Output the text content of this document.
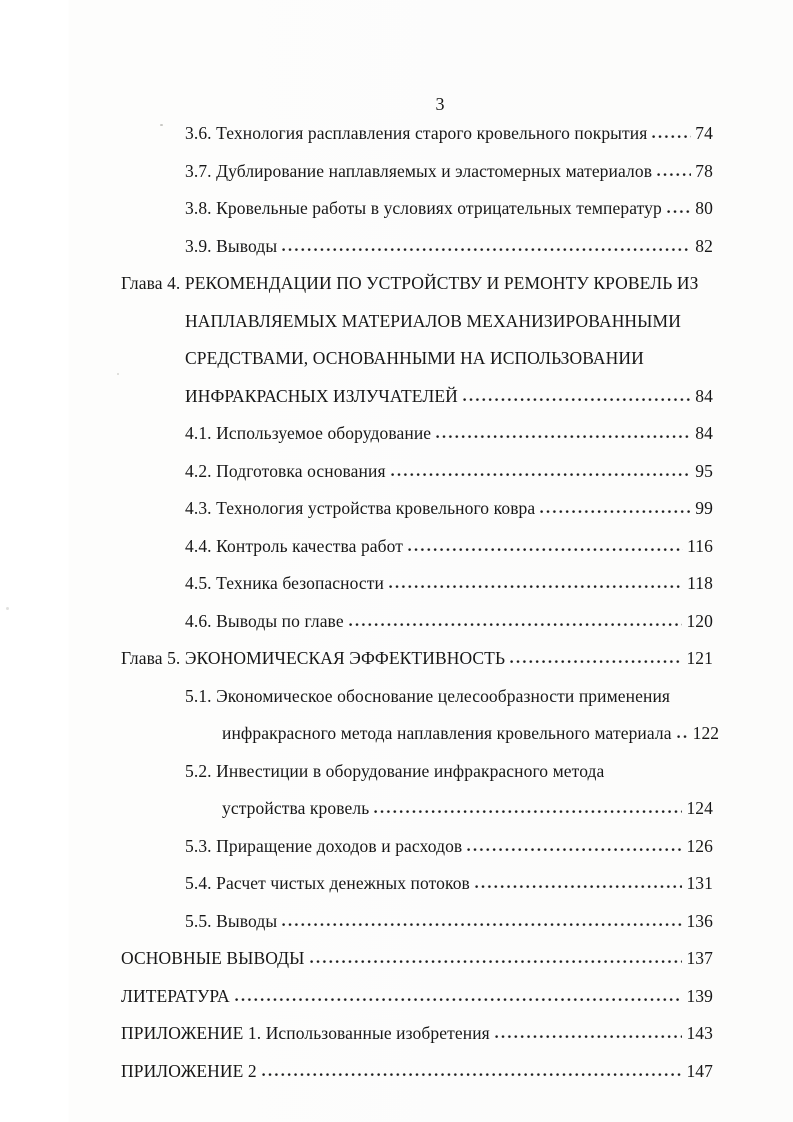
3
3.6. Технология расплавления старого кровельного покрытия	74
3.7. Дублирование наплавляемых и эластомерных материалов 78
3.8. Кровельные работы в условиях отрицательных температур 80
3.9. Выводы	82
Глава 4. РЕКОМЕНДАЦИИ ПО УСТРОЙСТВУ И РЕМОНТУ КРОВЕЛЬ ИЗ
НАПЛАВЛЯЕМЫХ МАТЕРИАЛОВ МЕХАНИЗИРОВАННЫМИ
СРЕДСТВАМИ, ОСНОВАННЫМИ НА ИСПОЛЬЗОВАНИИ
ИНФРАКРАСНЫХ ИЗЛУЧАТЕЛЕЙ	84
4.1. Используемое оборудование	84
4.2. Подготовка основания	95
4.3. Технология устройства кровельного ковра	99
4.4. Контроль качества работ	116
4.5. Техника безопасности	118
4.6. Выводы по главе	120
Глава 5. ЭКОНОМИЧЕСКАЯ ЭФФЕКТИВНОСТЬ	121
5.1. Экономическое обоснование целесообразности применения
инфракрасного метода наплавления кровельного материала 122
5.2. Инвестиции в оборудование инфракрасного метода
устройства кровель	124
5.3. Приращение доходов и расходов	126
5.4. Расчет чистых денежных потоков	131
5.5. Выводы	136
ОСНОВНЫЕ ВЫВОДЫ	137
ЛИТЕРАТУРА	139
ПРИЛОЖЕНИЕ 1. Использованные изобретения	143
ПРИЛОЖЕНИЕ 2	147
